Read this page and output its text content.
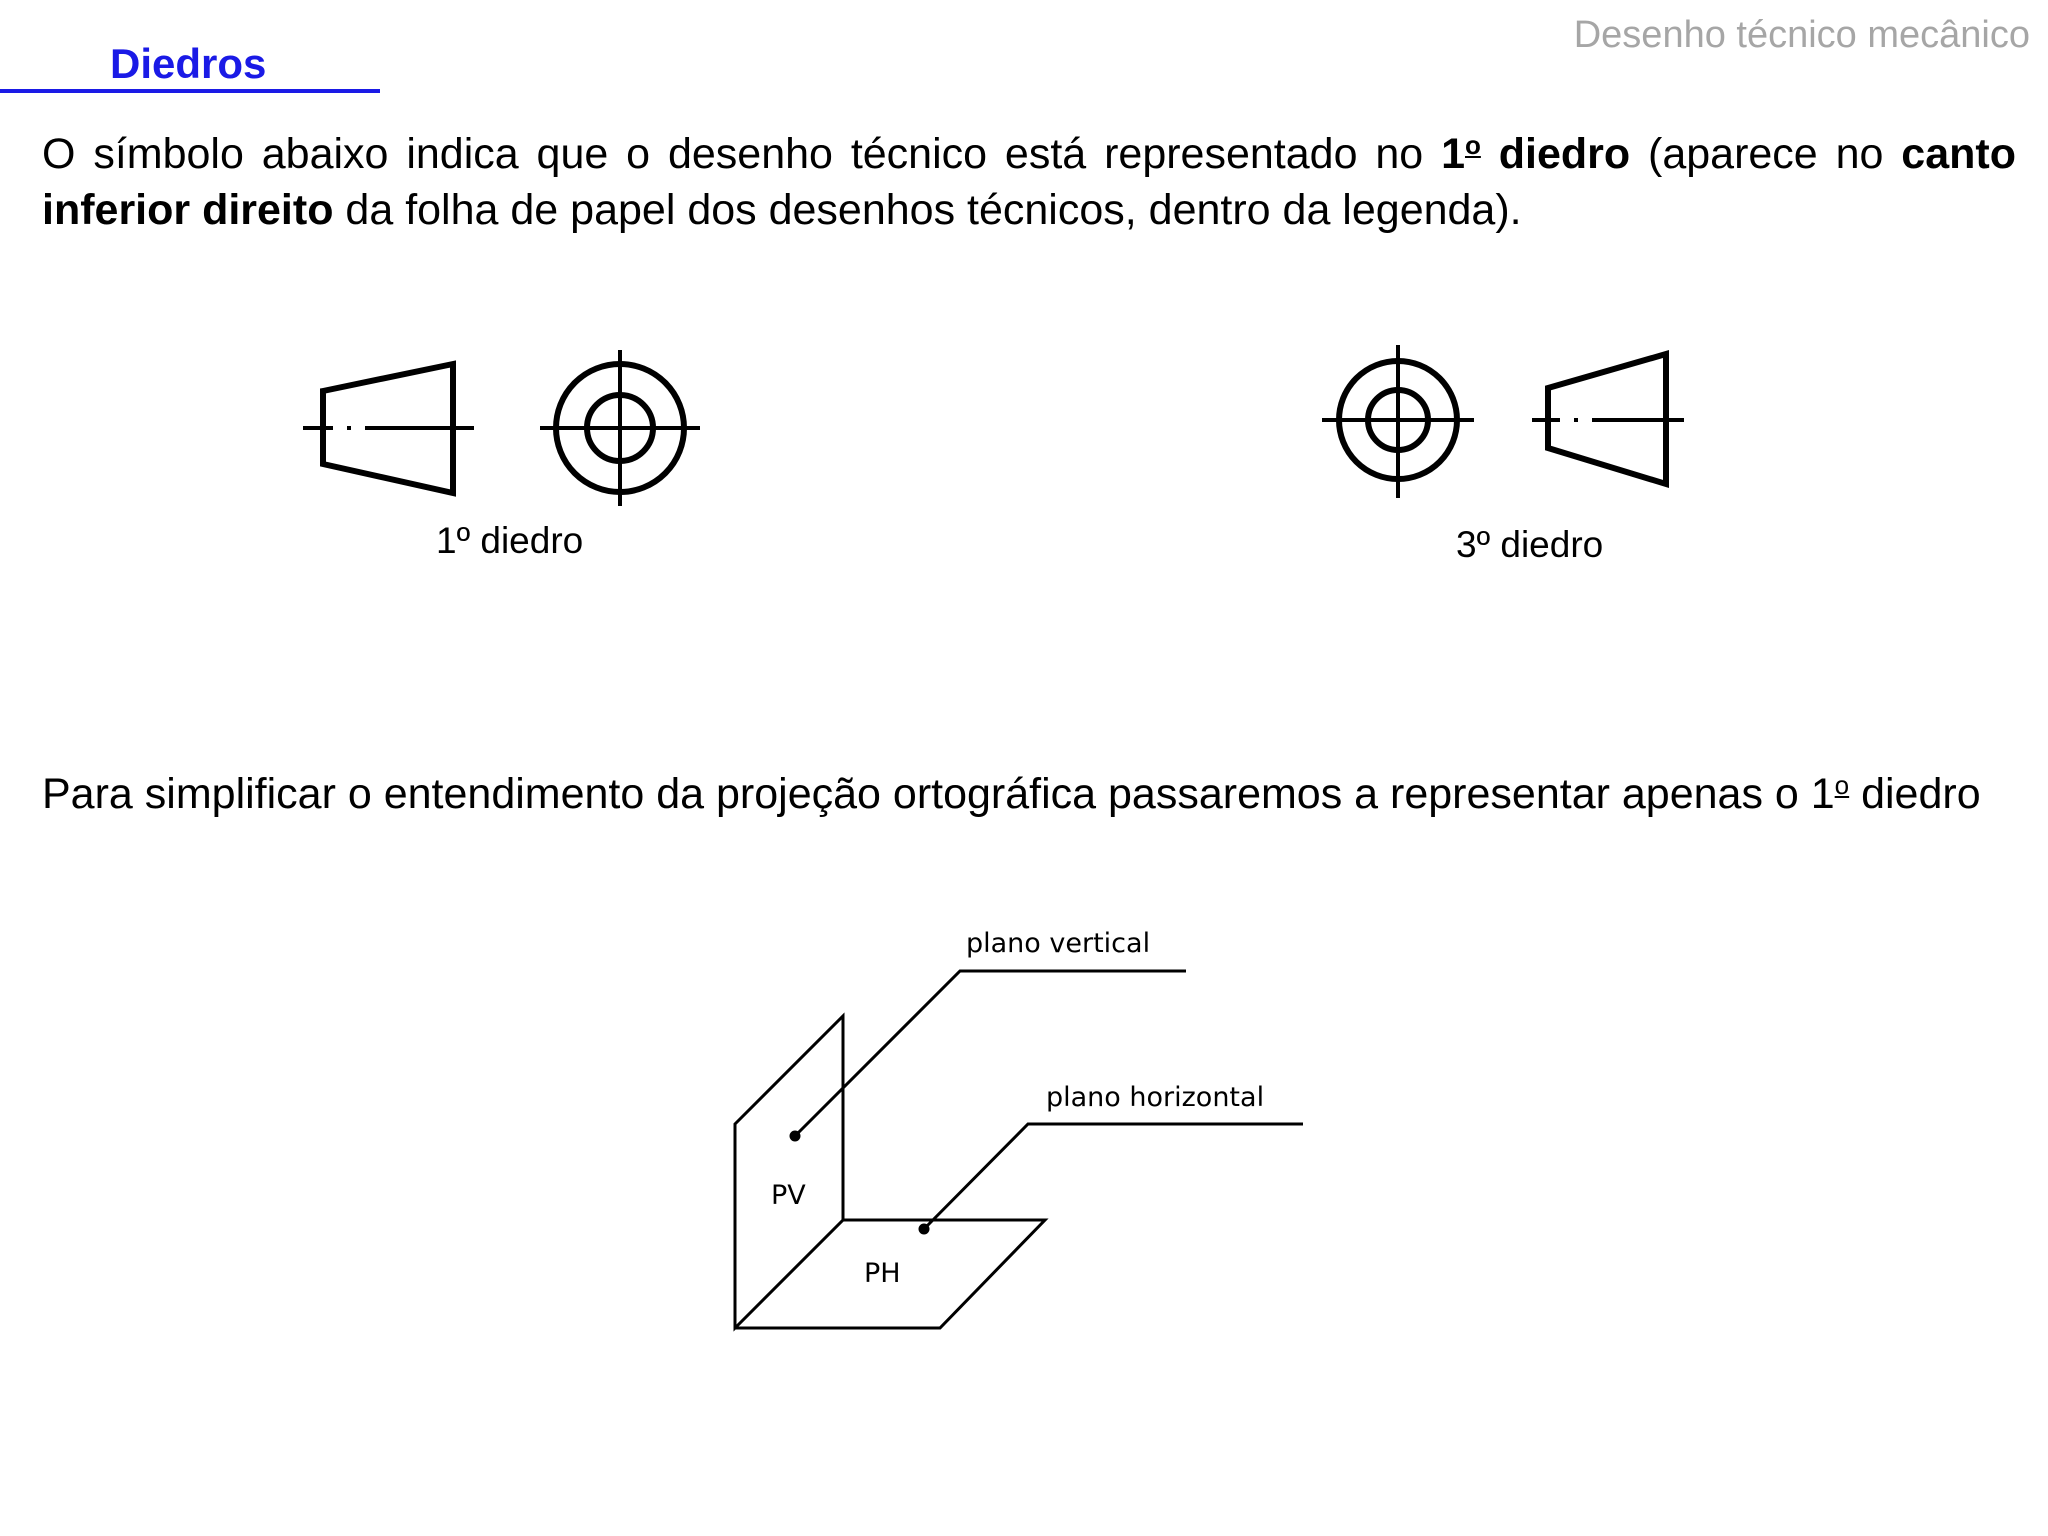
Desenho técnico mecânico
Diedros

O símbolo abaixo indica que o desenho técnico está representado no 1$^o$ diedro (aparece no canto inferior direito da folha de papel dos desenhos técnicos, dentro da legenda).

1º diedro	3º diedro

Para simplificar o entendimento da projeção ortográfica passaremos a representar apenas o 1$^o$ diedro

plano vertical
plano horizontal
PV
PH
